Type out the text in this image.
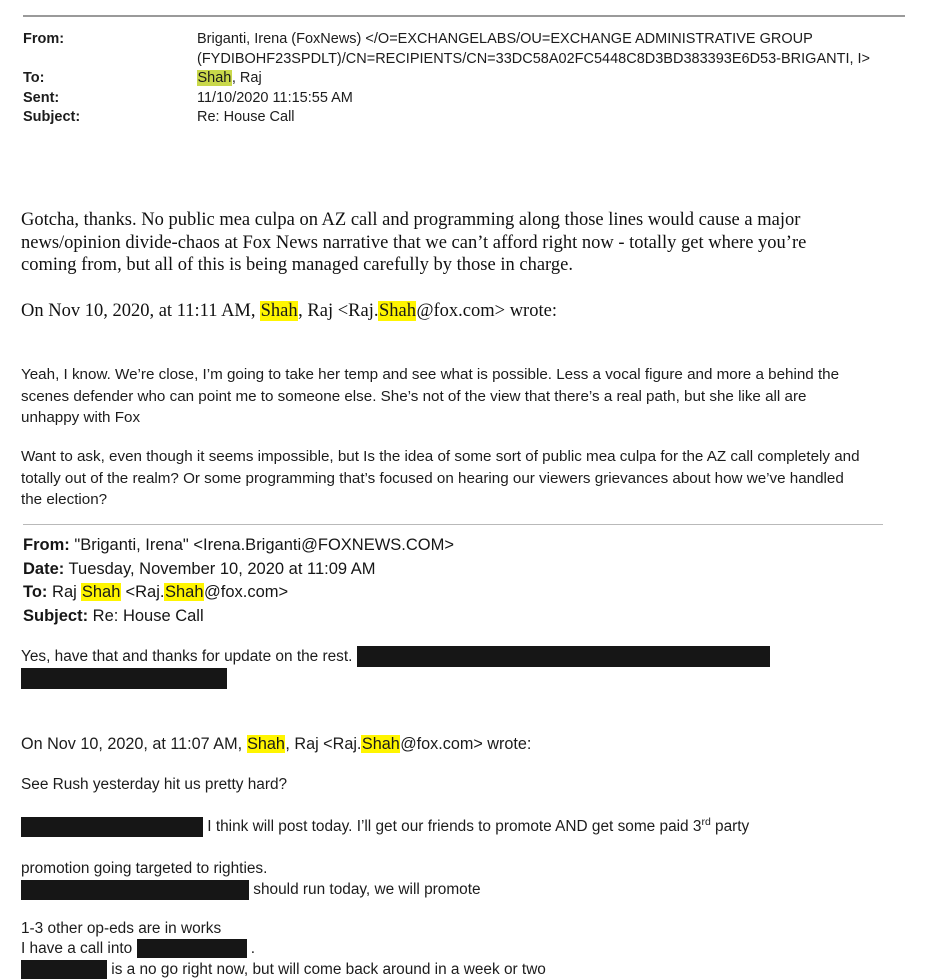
From:	Briganti, Irena (FoxNews) </O=EXCHANGELABS/OU=EXCHANGE ADMINISTRATIVE GROUP (FYDIBOHF23SPDLT)/CN=RECIPIENTS/CN=33DC58A02FC5448C8D3BD383393E6D53-BRIGANTI, I>
To:	Shah, Raj
Sent:	11/10/2020 11:15:55 AM
Subject:	Re: House Call

Gotcha, thanks. No public mea culpa on AZ call and programming along those lines would cause a major news/opinion divide-chaos at Fox News narrative that we can’t afford right now - totally get where you’re coming from, but all of this is being managed carefully by those in charge.

On Nov 10, 2020, at 11:11 AM, Shah, Raj <Raj.Shah@fox.com> wrote:

Yeah, I know. We’re close, I’m going to take her temp and see what is possible. Less a vocal figure and more a behind the scenes defender who can point me to someone else. She’s not of the view that there’s a real path, but she like all are unhappy with Fox

Want to ask, even though it seems impossible, but Is the idea of some sort of public mea culpa for the AZ call completely and totally out of the realm? Or some programming that’s focused on hearing our viewers grievances about how we’ve handled the election?

From: "Briganti, Irena" <Irena.Briganti@FOXNEWS.COM>

Date: Tuesday, November 10, 2020 at 11:09 AM

To: Raj Shah <Raj.Shah@fox.com>

Subject: Re: House Call

Yes, have that and thanks for update on the rest.

On Nov 10, 2020, at 11:07 AM, Shah, Raj <Raj.Shah@fox.com> wrote:

See Rush yesterday hit us pretty hard?

I think will post today. I’ll get our friends to promote AND get some paid 3rd party

promotion going targeted to righties.

should run today, we will promote

1-3 other op-eds are in works

I have a call into	.

is a no go right now, but will come back around in a week or two
